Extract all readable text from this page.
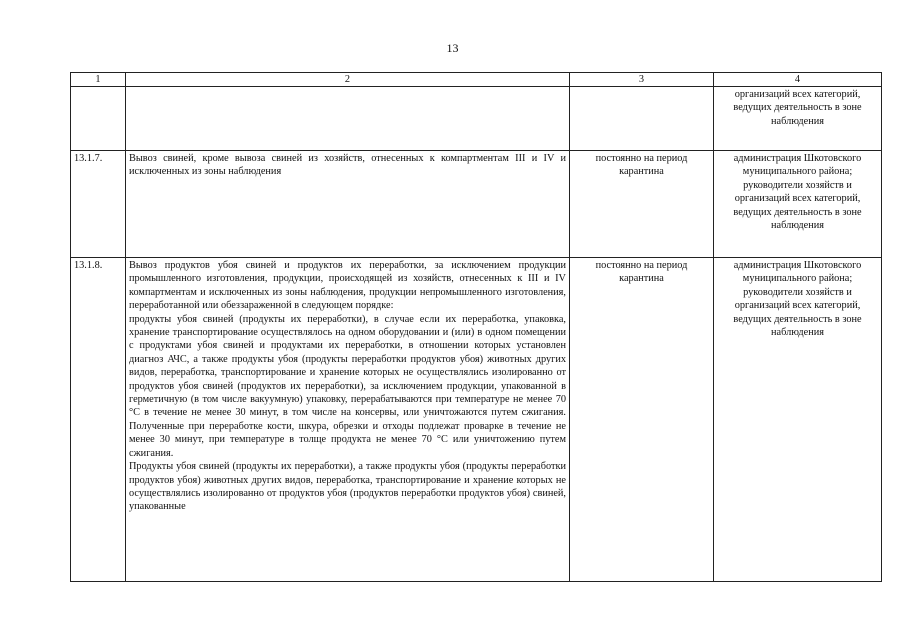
13
1	2	3	4
			организаций всех категорий, ведущих деятельность в зоне наблюдения
13.1.7.	Вывоз свиней, кроме вывоза свиней из хозяйств, отнесенных к компартментам III и IV и исключенных из зоны наблюдения	постоянно на период карантина	администрация Шкотовского муниципального района; руководители хозяйств и организаций всех категорий, ведущих деятельность в зоне наблюдения
13.1.8.	Вывоз продуктов убоя свиней и продуктов их переработки, за исключением продукции промышленного изготовления, продукции, происходящей из хозяйств, отнесенных к III и IV компартментам и исключенных из зоны наблюдения, продукции непромышленного изготовления, переработанной или обеззараженной в следующем порядке:

продукты убоя свиней (продукты их переработки), в случае если их переработка, упаковка, хранение транспортирование осуществлялось на одном оборудовании и (или) в одном помещении с продуктами убоя свиней и продуктами их переработки, в отношении которых установлен диагноз АЧС, а также продукты убоя (продукты переработки продуктов убоя) животных других видов, переработка, транспортирование и хранение которых не осуществлялись изолированно от продуктов убоя свиней (продуктов их переработки), за исключением продукции, упакованной в герметичную (в том числе вакуумную) упаковку, перерабатываются при температуре не менее 70 °С в течение не менее 30 минут, в том числе на консервы, или уничтожаются путем сжигания. Полученные при переработке кости, шкура, обрезки и отходы подлежат проварке в течение не менее 30 минут, при температуре в толще продукта не менее 70 °С или уничтожению путем сжигания.

Продукты убоя свиней (продукты их переработки), а также продукты убоя (продукты переработки продуктов убоя) животных других видов, переработка, транспортирование и хранение которых не осуществлялись изолированно от продуктов убоя (продуктов переработки продуктов убоя) свиней, упакованные	постоянно на период карантина	администрация Шкотовского муниципального района; руководители хозяйств и организаций всех категорий, ведущих деятельность в зоне наблюдения
